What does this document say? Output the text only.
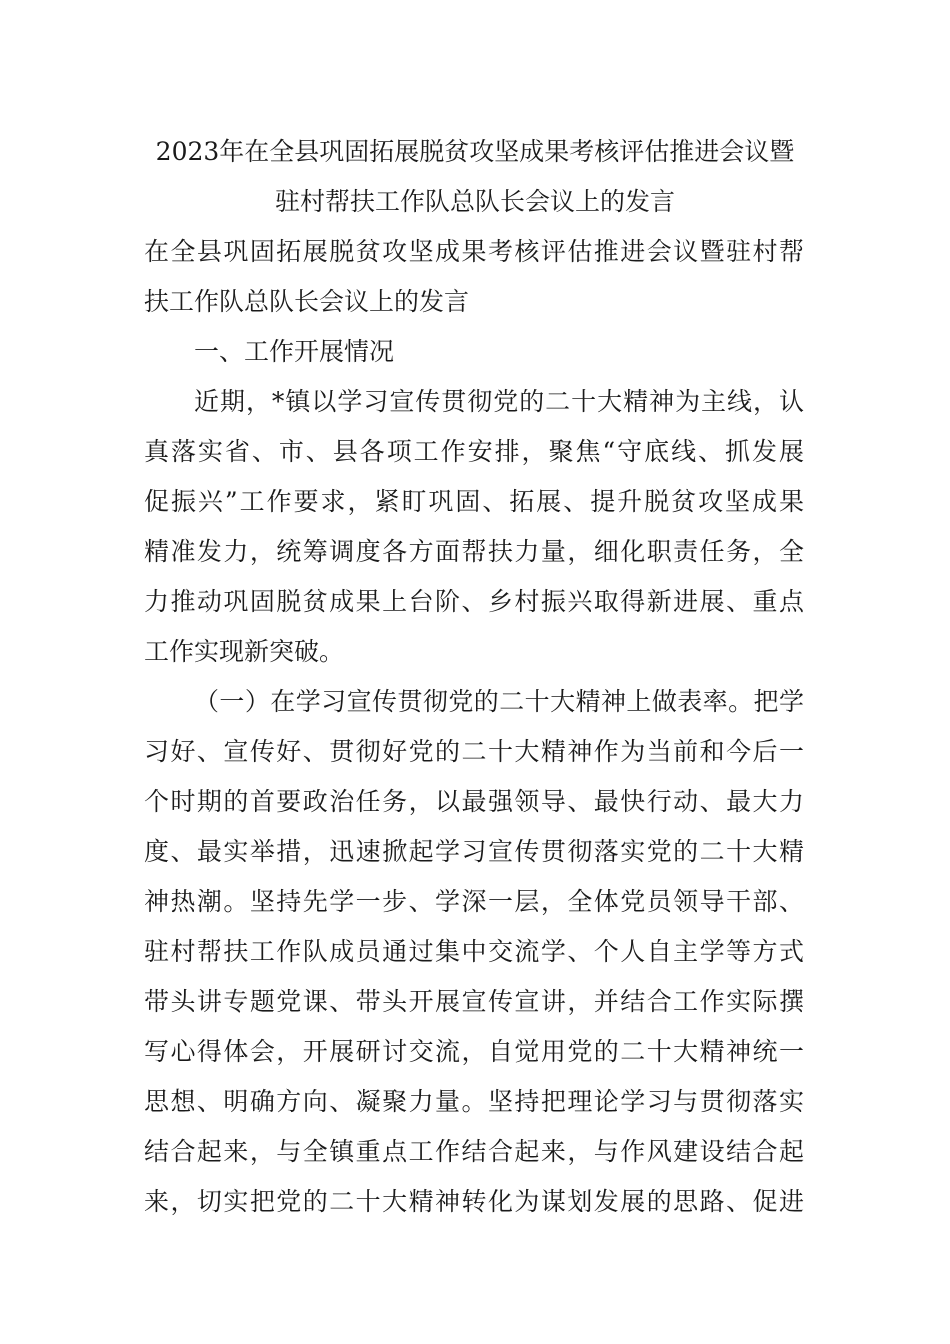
2023年在全县巩固拓展脱贫攻坚成果考核评估推进会议暨
驻村帮扶工作队总队长会议上的发言
在全县巩固拓展脱贫攻坚成果考核评估推进会议暨驻村帮
扶工作队总队长会议上的发言
一、工作开展情况
近期，*镇以学习宣传贯彻党的二十大精神为主线，认
真落实省、市、县各项工作安排，聚焦“守底线、抓发展
促振兴”工作要求，紧盯巩固、拓展、提升脱贫攻坚成果
精准发力，统筹调度各方面帮扶力量，细化职责任务，全
力推动巩固脱贫成果上台阶、乡村振兴取得新进展、重点
工作实现新突破。
（一）在学习宣传贯彻党的二十大精神上做表率。把学
习好、宣传好、贯彻好党的二十大精神作为当前和今后一
个时期的首要政治任务，以最强领导、最快行动、最大力
度、最实举措，迅速掀起学习宣传贯彻落实党的二十大精
神热潮。坚持先学一步、学深一层，全体党员领导干部、
驻村帮扶工作队成员通过集中交流学、个人自主学等方式
带头讲专题党课、带头开展宣传宣讲，并结合工作实际撰
写心得体会，开展研讨交流，自觉用党的二十大精神统一
思想、明确方向、凝聚力量。坚持把理论学习与贯彻落实
结合起来，与全镇重点工作结合起来，与作风建设结合起
来，切实把党的二十大精神转化为谋划发展的思路、促进
